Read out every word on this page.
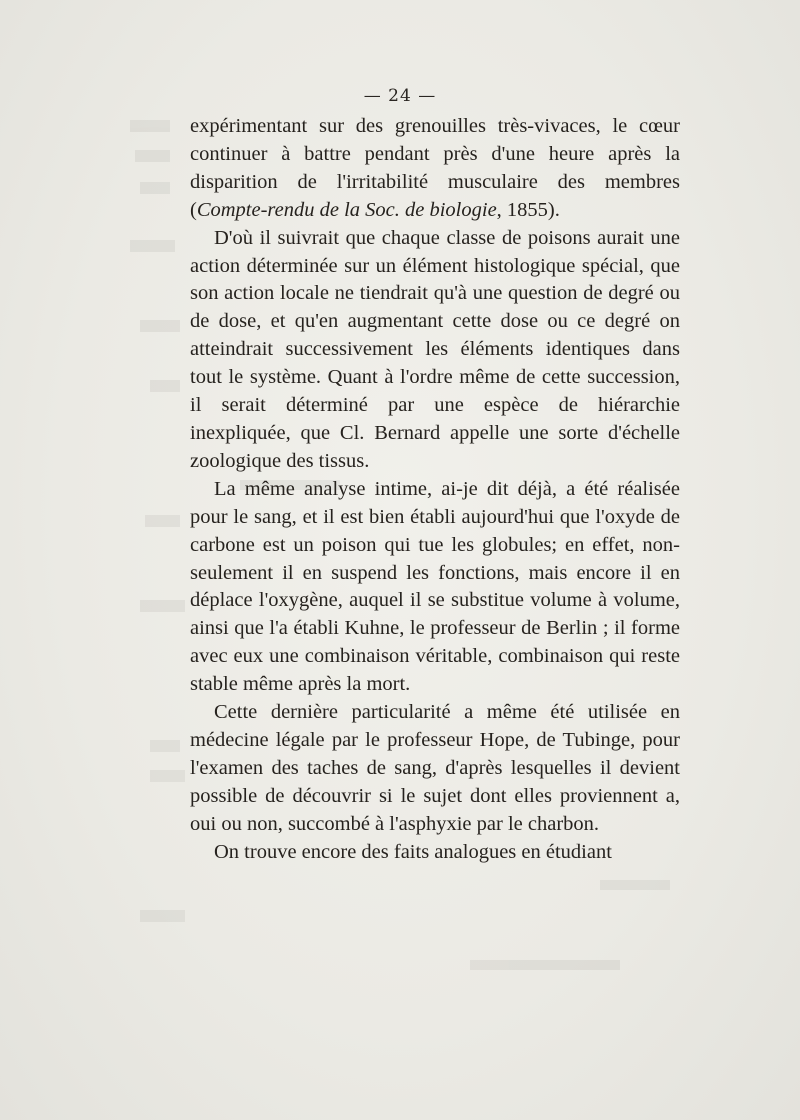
— 24 —

expérimentant sur des grenouilles très-vivaces, le cœur continuer à battre pendant près d'une heure après la disparition de l'irritabilité musculaire des membres (Compte-rendu de la Soc. de biologie, 1855).

D'où il suivrait que chaque classe de poisons aurait une action déterminée sur un élément histologique spécial, que son action locale ne tiendrait qu'à une question de degré ou de dose, et qu'en augmentant cette dose ou ce degré on atteindrait successivement les éléments identiques dans tout le système. Quant à l'ordre même de cette succession, il serait déterminé par une espèce de hiérarchie inexpliquée, que Cl. Bernard appelle une sorte d'échelle zoologique des tissus.

La même analyse intime, ai-je dit déjà, a été réalisée pour le sang, et il est bien établi aujourd'hui que l'oxyde de carbone est un poison qui tue les globules; en effet, non-seulement il en suspend les fonctions, mais encore il en déplace l'oxygène, auquel il se substitue volume à volume, ainsi que l'a établi Kuhne, le professeur de Berlin ; il forme avec eux une combinaison véritable, combinaison qui reste stable même après la mort.

Cette dernière particularité a même été utilisée en médecine légale par le professeur Hope, de Tubinge, pour l'examen des taches de sang, d'après lesquelles il devient possible de découvrir si le sujet dont elles proviennent a, oui ou non, succombé à l'asphyxie par le charbon.

On trouve encore des faits analogues en étudiant
